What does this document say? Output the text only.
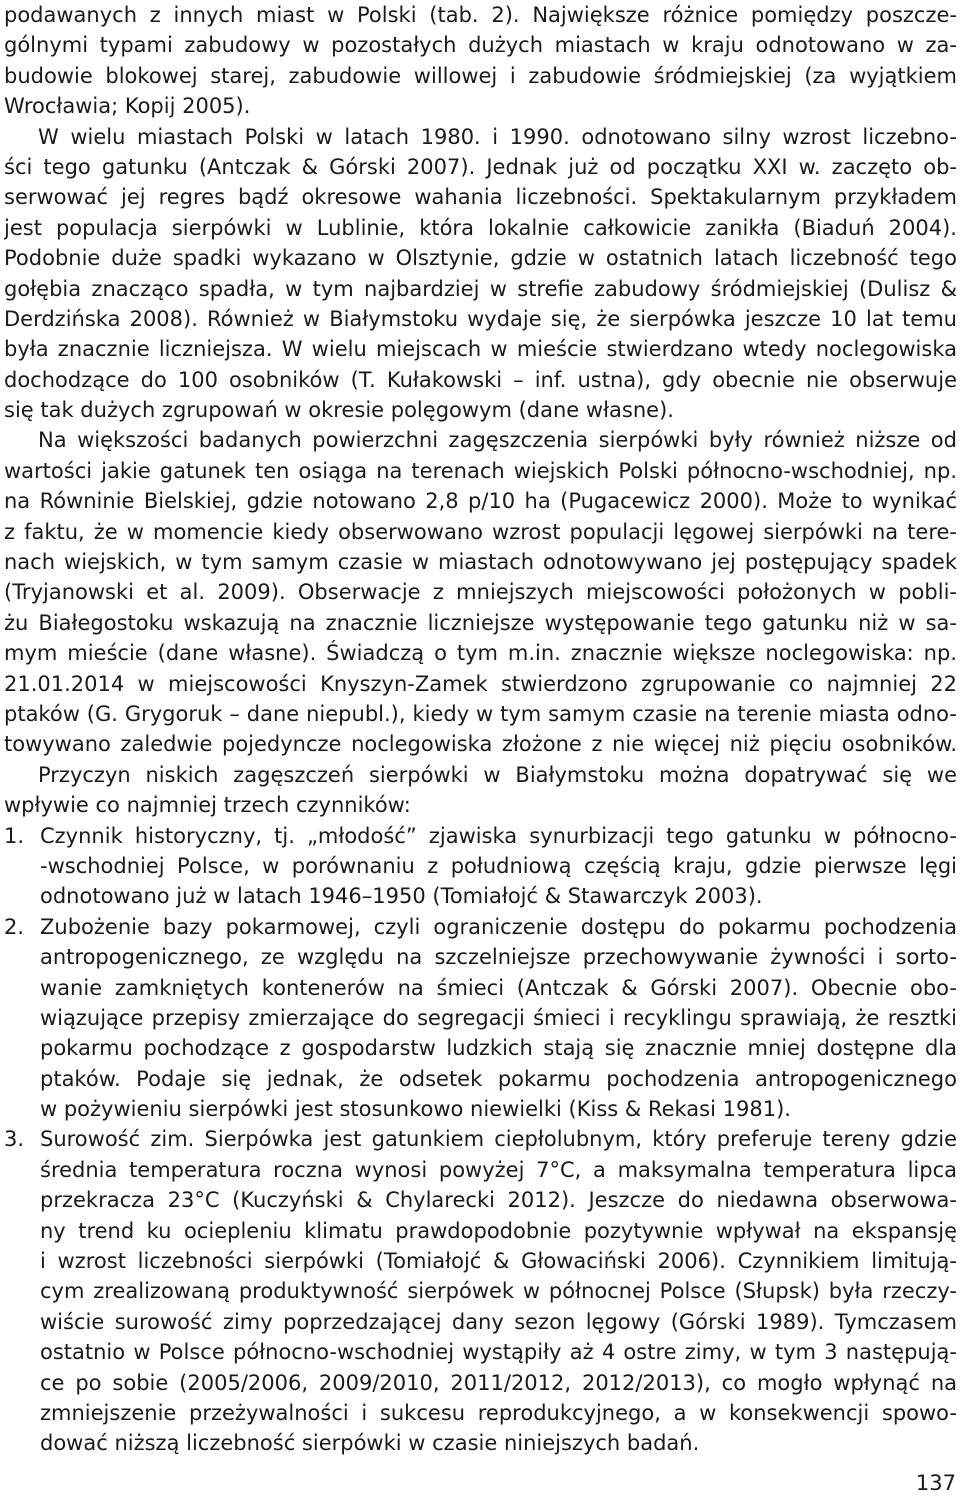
podawanych z innych miast w Polski (tab. 2). Największe różnice pomiędzy poszcze-
gólnymi typami zabudowy w pozostałych dużych miastach w kraju odnotowano w za-
budowie blokowej starej, zabudowie willowej i zabudowie śródmiejskiej (za wyjątkiem
Wrocławia; Kopij 2005).
W wielu miastach Polski w latach 1980. i 1990. odnotowano silny wzrost liczebno-
ści tego gatunku (Antczak & Górski 2007). Jednak już od początku XXI w. zaczęto ob-
serwować jej regres bądź okresowe wahania liczebności. Spektakularnym przykładem
jest populacja sierpówki w Lublinie, która lokalnie całkowicie zanikła (Biaduń 2004).
Podobnie duże spadki wykazano w Olsztynie, gdzie w ostatnich latach liczebność tego
gołębia znacząco spadła, w tym najbardziej w strefie zabudowy śródmiejskiej (Dulisz &
Derdzińska 2008). Również w Białymstoku wydaje się, że sierpówka jeszcze 10 lat temu
była znacznie liczniejsza. W wielu miejscach w mieście stwierdzano wtedy noclegowiska
dochodzące do 100 osobników (T. Kułakowski – inf. ustna), gdy obecnie nie obserwuje
się tak dużych zgrupowań w okresie polęgowym (dane własne).
Na większości badanych powierzchni zagęszczenia sierpówki były również niższe od
wartości jakie gatunek ten osiąga na terenach wiejskich Polski północno-wschodniej, np.
na Równinie Bielskiej, gdzie notowano 2,8 p/10 ha (Pugacewicz 2000). Może to wynikać
z faktu, że w momencie kiedy obserwowano wzrost populacji lęgowej sierpówki na tere-
nach wiejskich, w tym samym czasie w miastach odnotowywano jej postępujący spadek
(Tryjanowski et al. 2009). Obserwacje z mniejszych miejscowości położonych w pobli-
żu Białegostoku wskazują na znacznie liczniejsze występowanie tego gatunku niż w sa-
mym mieście (dane własne). Świadczą o tym m.in. znacznie większe noclegowiska: np.
21.01.2014 w miejscowości Knyszyn-Zamek stwierdzono zgrupowanie co najmniej 22
ptaków (G. Grygoruk – dane niepubl.), kiedy w tym samym czasie na terenie miasta odno-
towywano zaledwie pojedyncze noclegowiska złożone z nie więcej niż pięciu osobników.
Przyczyn niskich zagęszczeń sierpówki w Białymstoku można dopatrywać się we
wpływie co najmniej trzech czynników:
1. Czynnik historyczny, tj. „młodość” zjawiska synurbizacji tego gatunku w północno-
-wschodniej Polsce, w porównaniu z południową częścią kraju, gdzie pierwsze lęgi
odnotowano już w latach 1946–1950 (Tomiałojć & Stawarczyk 2003).
2. Zubożenie bazy pokarmowej, czyli ograniczenie dostępu do pokarmu pochodzenia
antropogenicznego, ze względu na szczelniejsze przechowywanie żywności i sorto-
wanie zamkniętych kontenerów na śmieci (Antczak & Górski 2007). Obecnie obo-
wiązujące przepisy zmierzające do segregacji śmieci i recyklingu sprawiają, że resztki
pokarmu pochodzące z gospodarstw ludzkich stają się znacznie mniej dostępne dla
ptaków. Podaje się jednak, że odsetek pokarmu pochodzenia antropogenicznego
w pożywieniu sierpówki jest stosunkowo niewielki (Kiss & Rekasi 1981).
3. Surowość zim. Sierpówka jest gatunkiem ciepłolubnym, który preferuje tereny gdzie
średnia temperatura roczna wynosi powyżej 7°C, a maksymalna temperatura lipca
przekracza 23°C (Kuczyński & Chylarecki 2012). Jeszcze do niedawna obserwowa-
ny trend ku ociepleniu klimatu prawdopodobnie pozytywnie wpływał na ekspansję
i wzrost liczebności sierpówki (Tomiałojć & Głowaciński 2006). Czynnikiem limitują-
cym zrealizowaną produktywność sierpówek w północnej Polsce (Słupsk) była rzeczy-
wiście surowość zimy poprzedzającej dany sezon lęgowy (Górski 1989). Tymczasem
ostatnio w Polsce północno-wschodniej wystąpiły aż 4 ostre zimy, w tym 3 następują-
ce po sobie (2005/2006, 2009/2010, 2011/2012, 2012/2013), co mogło wpłynąć na
zmniejszenie przeżywalności i sukcesu reprodukcyjnego, a w konsekwencji spowo-
dować niższą liczebność sierpówki w czasie niniejszych badań.
137
